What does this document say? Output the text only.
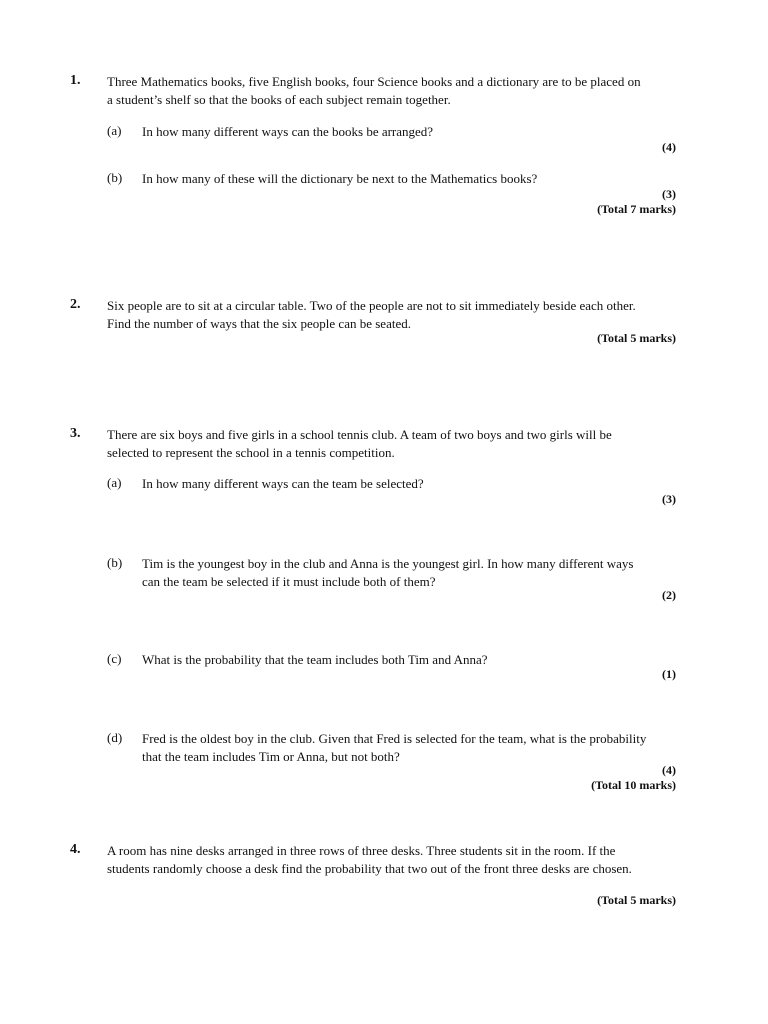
1. Three Mathematics books, five English books, four Science books and a dictionary are to be placed on a student’s shelf so that the books of each subject remain together.
(a) In how many different ways can the books be arranged?
(4)
(b) In how many of these will the dictionary be next to the Mathematics books?
(3)
(Total 7 marks)
2. Six people are to sit at a circular table. Two of the people are not to sit immediately beside each other. Find the number of ways that the six people can be seated.
(Total 5 marks)
3. There are six boys and five girls in a school tennis club. A team of two boys and two girls will be selected to represent the school in a tennis competition.
(a) In how many different ways can the team be selected?
(3)
(b) Tim is the youngest boy in the club and Anna is the youngest girl. In how many different ways can the team be selected if it must include both of them?
(2)
(c) What is the probability that the team includes both Tim and Anna?
(1)
(d) Fred is the oldest boy in the club. Given that Fred is selected for the team, what is the probability that the team includes Tim or Anna, but not both?
(4)
(Total 10 marks)
4. A room has nine desks arranged in three rows of three desks. Three students sit in the room. If the students randomly choose a desk find the probability that two out of the front three desks are chosen.
(Total 5 marks)
